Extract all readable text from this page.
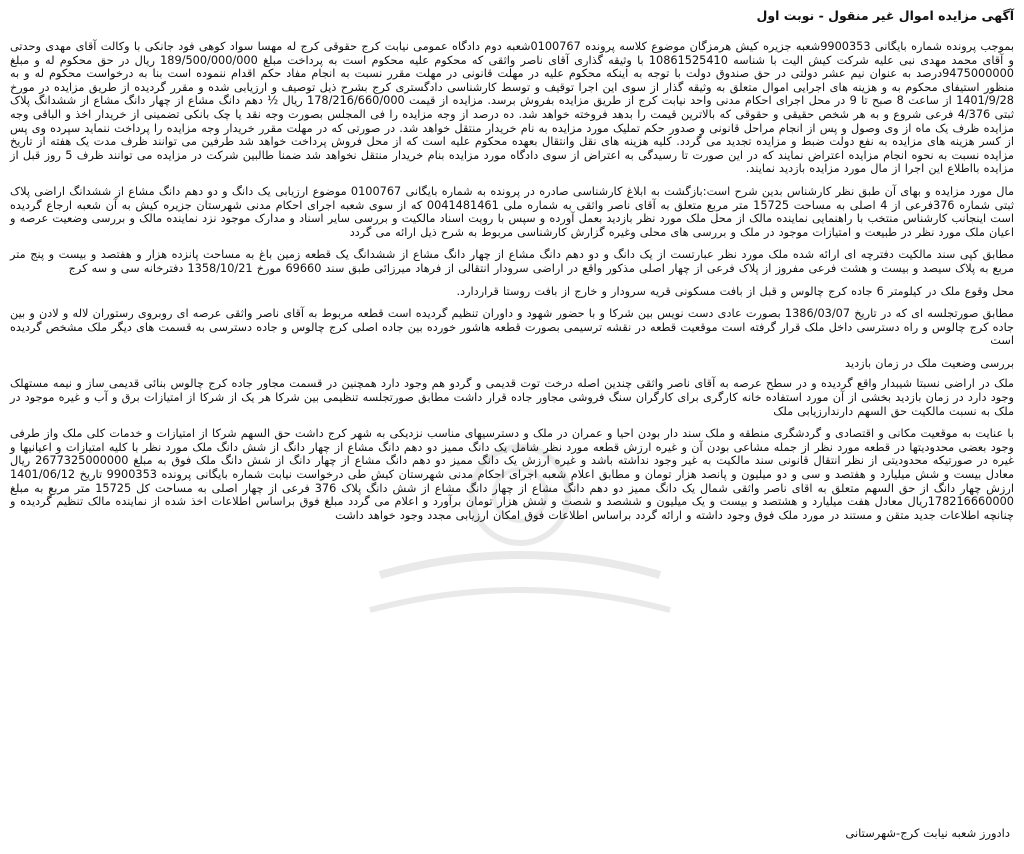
آگهی مزایده اموال غیر منقول - نوبت اول

بموجب پرونده شماره بایگانی 9900353شعبه جزیره کیش هرمزگان موضوع کلاسه پرونده 0100767شعبه دوم دادگاه عمومی نیابت کرج حقوقی کرج له مهسا سواد کوهی فود جانکی با وکالت آقای مهدی وحدتی و آقای محمد مهدی نبی علیه شرکت کیش الیت با شناسه 10861525410 با وثیقه گذاری آقای ناصر واثقی که محکوم علیه محکوم است به پرداخت مبلغ 189/500/000/000 ریال در حق محکوم له و مبلغ 9475000000درصد به عنوان نیم عشر دولتی در حق صندوق دولت با توجه به اینکه محکوم علیه در مهلت قانونی در مهلت مقرر نسبت به انجام مفاد حکم اقدام ننموده است بنا به درخواست محکوم له و به منظور استیفای محکوم به و هزینه های اجرایی اموال متعلق به وثیقه گذار از سوی این اجرا توقیف و توسط کارشناسی دادگستری کرج بشرح ذیل توصیف و ارزیابی شده و مقرر گردیده از طریق مزایده در مورخ 1401/9/28 از ساعت 8 صبح تا 9 در محل اجرای احکام مدنی واحد نیابت کرج از طریق مزایده بفروش برسد. مزایده از قیمت 178/216/660/000 ریال ½ دهم دانگ مشاع از چهار دانگ مشاع از ششدانگ پلاک ثبتی 4/376 فرعی شروع و به هر شخص حقیقی و حقوقی که بالاترین قیمت را بدهد فروخته خواهد شد. ده درصد از وجه مزایده را فی المجلس بصورت وجه نقد یا چک بانکی تضمینی از خریدار اخذ و الباقی وجه مزایده ظرف یک ماه از وی وصول و پس از انجام مراحل قانونی و صدور حکم تملیک مورد مزایده به نام خریدار منتقل خواهد شد. در صورتی که در مهلت مقرر خریدار وجه مزایده را پرداخت ننماید سپرده وی پس از کسر هزینه های مزایده به نفع دولت ضبط و مزایده تجدید می گردد. کلیه هزینه های نقل وانتقال بعهده محکوم علیه است که از محل فروش پرداخت خواهد شد طرفین می توانند ظرف مدت یک هفته از تاریخ مزایده نسبت به نحوه انجام مزایده اعتراض نمایند که در این صورت تا رسیدگی به اعتراض از سوی دادگاه مورد مزایده بنام خریدار منتقل نخواهد شد ضمنا طالبین شرکت در مزایده می توانند ظرف 5 روز قبل از مزایده بااطلاع این اجرا از مال مورد مزایده بازدید نمایند.

مال مورد مزایده و بهای آن طبق نظر کارشناس بدین شرح است:بازگشت به ابلاغ کارشناسی صادره در پرونده به شماره بایگانی 0100767 موضوع ارزیابی یک دانگ و دو دهم دانگ مشاع از ششدانگ اراضی پلاک ثبتی شماره 376فرعی از 4 اصلی به مساحت 15725 متر مربع متعلق به آقای ناصر واثقی به شماره ملی 0041481461 که از سوی شعبه اجرای احکام مدنی شهرستان جزیره کیش به آن شعبه ارجاع گردیده است اینجانب کارشناس منتخب با راهنمایی نماینده مالک از محل ملک مورد نظر بازدید بعمل آورده و سپس با رویت اسناد مالکیت و بررسی سایر اسناد و مدارک موجود نزد نماینده مالک و بررسی وضعیت عرصه و اعیان ملک مورد نظر در طبیعت و امتیازات موجود در ملک و بررسی های محلی وغیره گزارش کارشناسی مربوط به شرح ذیل ارائه می گردد

مطابق کپی سند مالکیت دفترچه ای ارائه شده ملک مورد نظر عبارتست از یک دانگ و دو دهم دانگ مشاع از چهار دانگ مشاع از ششدانگ یک قطعه زمین باغ به مساحت پانزده هزار و هفتصد و بیست و پنج متر مربع به پلاک سیصد و بیست و هشت فرعی مفروز از پلاک فرعی از چهار اصلی مذکور واقع در اراضی سرودار انتقالی از فرهاد میرزائی طبق سند 69660 مورخ 1358/10/21 دفترخانه سی و سه کرج

محل وقوع ملک در کیلومتر 6 جاده کرج چالوس و قبل از بافت مسکونی قریه سرودار و خارج از بافت روستا قراردارد.

مطابق صورتجلسه ای که در تاریخ 1386/03/07 بصورت عادی دست نویس بین شرکا و با حضور شهود و داوران تنظیم گردیده است قطعه مربوط به آقای ناصر واثقی عرصه ای روبروی رستوران لاله و لادن و بین جاده کرج چالوس و راه دسترسی داخل ملک قرار گرفته است موقعیت قطعه در نقشه ترسیمی بصورت قطعه هاشور خورده بین جاده اصلی کرج چالوس و جاده دسترسی به قسمت های دیگر ملک مشخص گردیده است

بررسی وضعیت ملک در زمان بازدید

ملک در اراضی نسبتا شیبدار واقع گردیده و در سطح عرصه به آقای ناصر واثقی چندین اصله درخت توت قدیمی و گردو هم وجود دارد همچنین در قسمت مجاور جاده کرج چالوس بنائی قدیمی ساز و نیمه مستهلک وجود دارد در زمان بازدید بخشی از آن مورد استفاده خانه کارگری برای کارگران سنگ فروشی مجاور جاده قرار داشت مطابق صورتجلسه تنظیمی بین شرکا هر یک از شرکا از امتیازات برق و آب و غیره موجود در ملک به نسبت مالکیت حق السهم دارندارزیابی ملک

با عنایت به موقعیت مکانی و اقتصادی و گردشگری منطقه و ملک سند دار بودن احیا و عمران در ملک و دسترسیهای مناسب نزدیکی به شهر کرج داشت حق السهم شرکا از امتیازات و خدمات کلی ملک واز طرفی وجود بعضی محدودیتها در قطعه مورد نظر از جمله مشاعی بودن آن و غیره ارزش قطعه مورد نظر شامل یک دانگ ممیز دو دهم دانگ مشاع از چهار دانگ از شش دانگ ملک مورد نظر با کلیه امتیازات و اعیانیها و غیره در صورتیکه محدودیتی از نظر انتقال قانونی سند مالکیت به غیر وجود نداشته باشد و غیره ارزش یک دانگ ممیز دو دهم دانگ مشاع از چهار دانگ از شش دانگ ملک فوق به مبلغ 2677325000000 ریال معادل بیست و شش میلیارد و هفتصد و سی و دو میلیون و پانصد هزار تومان و مطابق اعلام شعبه اجرای احکام مدنی شهرستان کیش طی درخواست نیابت شماره بایگانی پرونده 9900353 تاریخ 1401/06/12 ارزش چهار دانگ از حق السهم متعلق به اقای ناصر واثقی شمال یک دانگ ممیز دو دهم دانگ مشاع از چهار دانگ مشاع از شش دانگ پلاک 376 فرعی از چهار اصلی به مساحت کل 15725 متر مربع به مبلغ 178216660000ریال معادل هفت میلیارد و هشتصد و بیست و یک میلیون و ششصد و شصت و شش هزار تومان برآورد و اعلام می گردد مبلغ فوق براساس اطلاعات اخذ شده از نماینده مالک تنظیم گردیده و چنانچه اطلاعات جدید متقن و مستند در مورد ملک فوق وجود داشته و ارائه گردد براساس اطلاعات فوق امکان ارزیابی مجدد وجود خواهد داشت

دادورز شعبه نیابت کرج-شهرستانی
